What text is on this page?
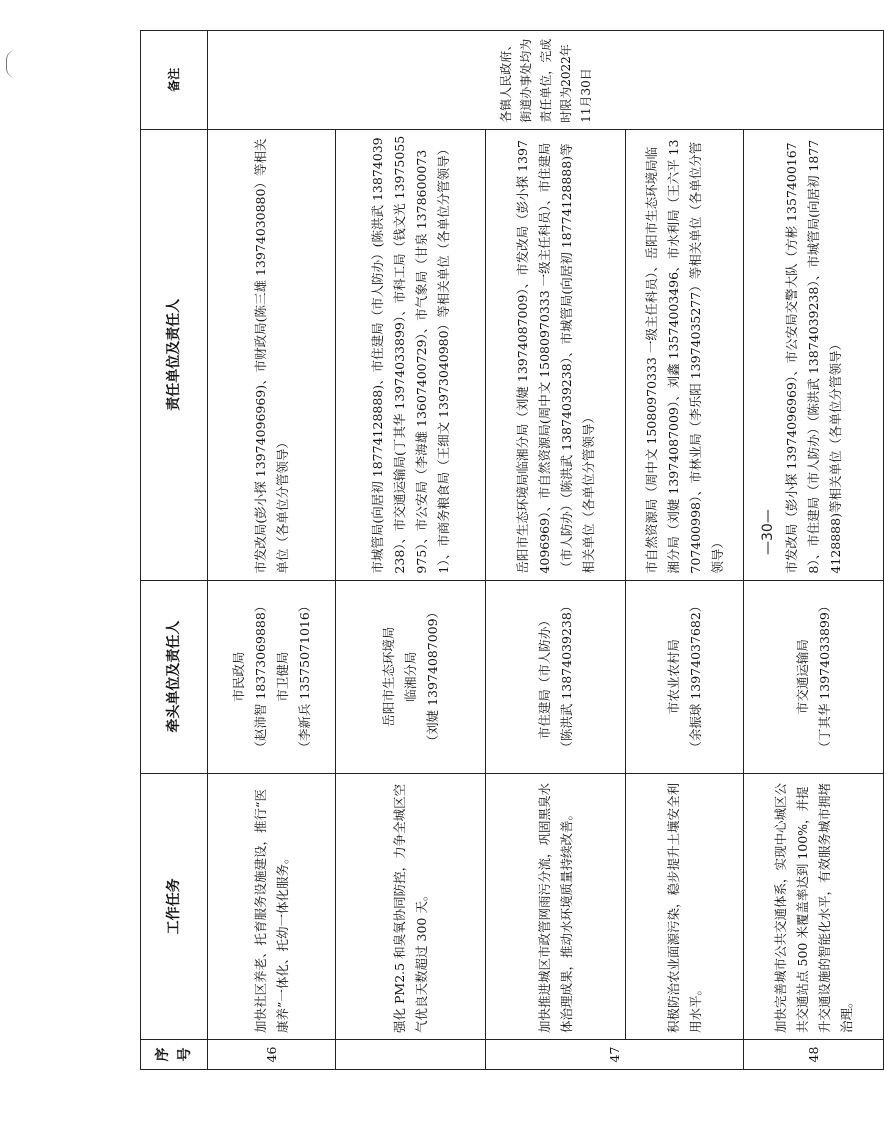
序号	工作任务	牵头单位及责任人	责任单位及责任人	备注
46	加快社区养老、托育服务设施建设，推行“医康养”一体化、托幼一体化服务。	市民政局 （赵沛智 18373069888） 市卫健局 （李新兵 13575071016）	市发改局(彭小探 13974096969)、市财政局(陈三雄 13974030880）等相关单位（各单位分管领导）	各镇人民政府、街道办事处均为责任单位，完成时限为2022年11月30日
	强化 PM2.5 和臭氧协同防控，力争全城区空气优良天数超过 300 天。	岳阳市生态环境局 临湘分局 （刘婕 13974087009）	市城管局(向居初 18774128888)、市住建局（市人防办）(陈洪武 13874039238）、市交通运输局(丁其华 13974033899）、市科工局（钱文光 13975055975）、市公安局（李海雄 13607400729）、市气象局（甘泉 13786000731）、市商务粮食局（王细文 13973040980）等相关单位（各单位分管领导）	
47	加快推进城区市政管网雨污分流，巩固黑臭水体治理成果，推动水环境质量持续改善。	市住建局（市人防办） （陈洪武 13874039238）	岳阳市生态环境局临湘分局（刘婕 13974087009）、市发改局（彭小探 13974096969）、市自然资源局(周中文 15080970333 一级主任科员）、市住建局（市人防办）（陈洪武 13874039238）、市城管局(向居初 18774128888)等相关单位（各单位分管领导）	
	积极防治农业面源污染，稳步提升土壤安全利用水平。	市农业农村局 （余振球 13974037682）	市自然资源局（周中文 15080970333 一级主任科员）、岳阳市生态环境局临湘分局（刘婕 13974087009）、刘鑫 13574003496、市水利局（王六平 13707400998）、市林业局（李乐阳 13974035277）等相关单位（各单位分管领导）	
48	加快完善城市公共交通体系，实现中心城区公共交通站点 500 米覆盖率达到 100%，并提升交通设施的智能化水平，有效服务城市拥堵治理。	市交通运输局 （丁其华 13974033899）	市发改局（彭小探 13974096969）、市公安局交警大队（方彬 13574001678）、市住建局（市人防办）（陈洪武 13874039238）、市城管局(向居初 18774128888)等相关单位（各单位分管领导）	
—30—
